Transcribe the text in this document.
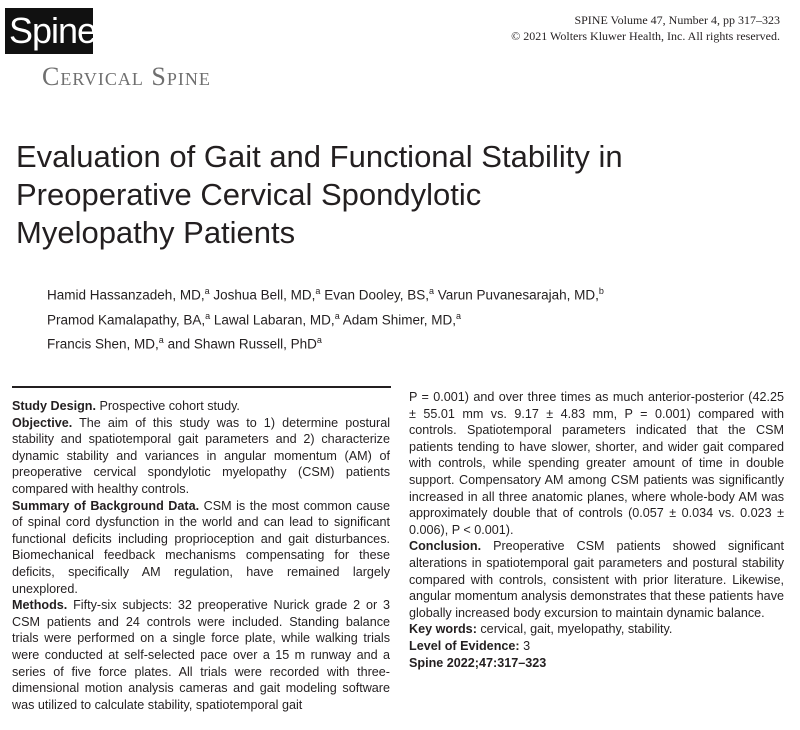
Spine	SPINE Volume 47, Number 4, pp 317–323
© 2021 Wolters Kluwer Health, Inc. All rights reserved.
Cervical Spine
Evaluation of Gait and Functional Stability in
Preoperative Cervical Spondylotic
Myelopathy Patients
Hamid Hassanzadeh, MD,$^a$ Joshua Bell, MD,$^a$ Evan Dooley, BS,$^a$ Varun Puvanesarajah, MD,$^b$
Pramod Kamalapathy, BA,$^a$ Lawal Labaran, MD,$^a$ Adam Shimer, MD,$^a$
Francis Shen, MD,$^a$ and Shawn Russell, PhD$^a$

Study Design. Prospective cohort study.

Objective. The aim of this study was to 1) determine postural stability and spatiotemporal gait parameters and 2) characterize dynamic stability and variances in angular momentum (AM) of preoperative cervical spondylotic myelopathy (CSM) patients compared with healthy controls.

Summary of Background Data. CSM is the most common cause of spinal cord dysfunction in the world and can lead to significant functional deficits including proprioception and gait disturbances. Biomechanical feedback mechanisms compensating for these deficits, specifically AM regulation, have remained largely unexplored.

Methods. Fifty-six subjects: 32 preoperative Nurick grade 2 or 3 CSM patients and 24 controls were included. Standing balance trials were performed on a single force plate, while walking trials were conducted at self-selected pace over a 15 m runway and a series of five force plates. All trials were recorded with three-dimensional motion analysis cameras and gait modeling software was utilized to calculate stability, spatiotemporal gait

P = 0.001) and over three times as much anterior-posterior (42.25 ± 55.01 mm vs. 9.17 ± 4.83 mm, P = 0.001) compared with controls. Spatiotemporal parameters indicated that the CSM patients tending to have slower, shorter, and wider gait compared with controls, while spending greater amount of time in double support. Compensatory AM among CSM patients was significantly increased in all three anatomic planes, where whole-body AM was approximately double that of controls (0.057 ± 0.034 vs. 0.023 ± 0.006), P < 0.001).

Conclusion. Preoperative CSM patients showed significant alterations in spatiotemporal gait parameters and postural stability compared with controls, consistent with prior literature. Likewise, angular momentum analysis demonstrates that these patients have globally increased body excursion to maintain dynamic balance.

Key words: cervical, gait, myelopathy, stability.

Level of Evidence: 3

Spine 2022;47:317–323
